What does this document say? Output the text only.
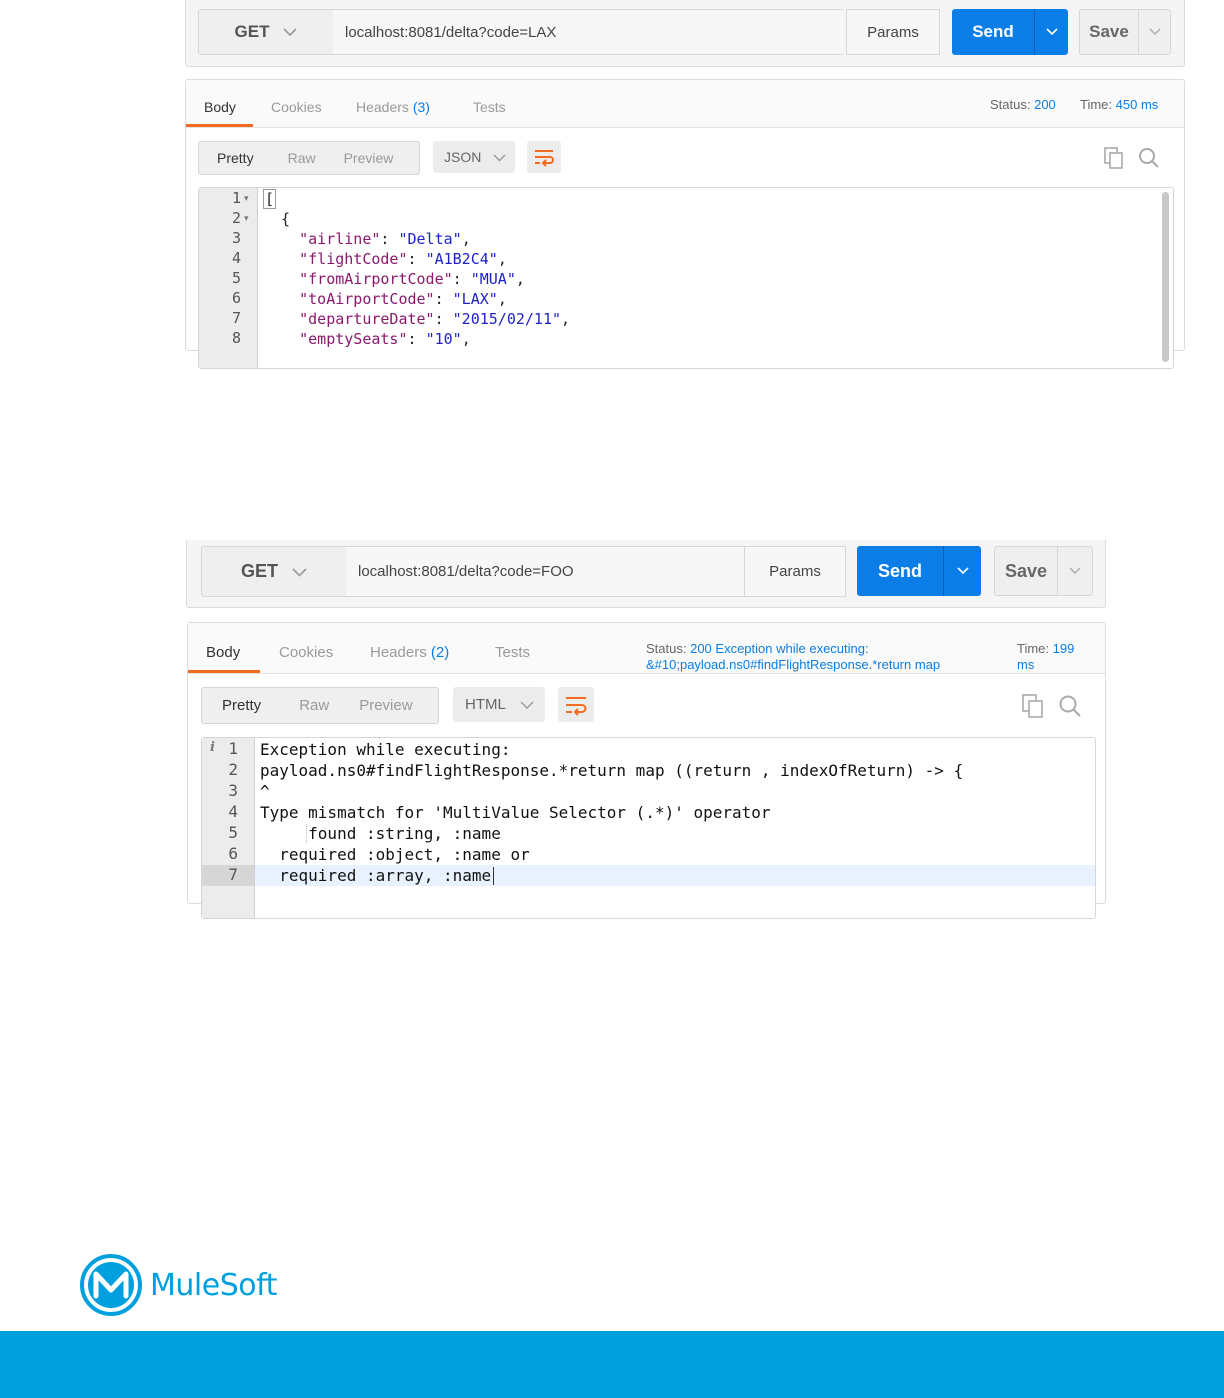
GET	localhost:8081/delta?code=LAX	Params	Send	Save
Body	Cookies Headers (3)	Tests	Status: 200 Time: 450 ms
Pretty	Raw	Preview	JSON
1
2
3
4
5
6
7
8
▾
▾
[
{
"airline": "Delta",
"flightCode": "A1B2C4",
"fromAirportCode": "MUA",
"toAirportCode": "LAX",
"departureDate": "2015/02/11",
"emptySeats": "10",
GET	localhost:8081/delta?code=FOO	Params	Send	Save
Body	Cookies Headers (2)	Tests	Status: 200 Exception while executing:
&#10;payload.ns0#findFlightResponse.*return map
Time: 199
ms
Pretty	Raw	Preview	HTML
i 1
2
3
4
5
6
7
Exception while executing:
payload.ns0#findFlightResponse.*return map ((return , indexOfReturn) -> {
^
Type mismatch for 'MultiValue Selector (.*)' operator
found :string, :name
required :object, :name or
required :array, :name
MuleSoft
